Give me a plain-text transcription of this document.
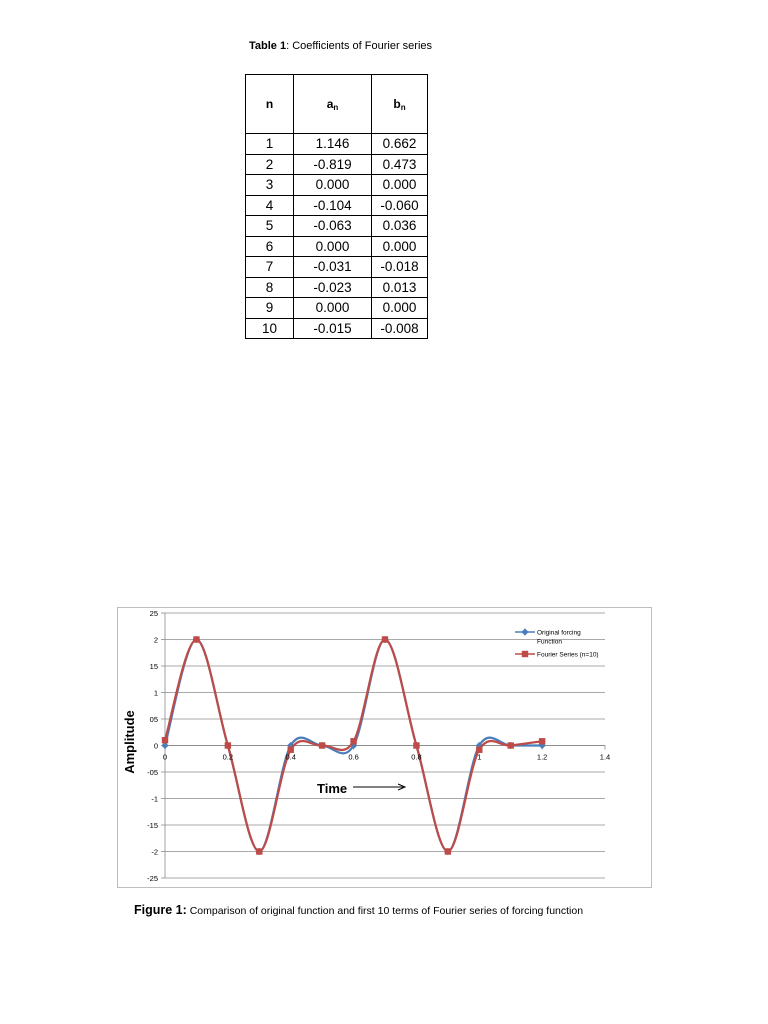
Table 1: Coefficients of Fourier series
n	$a_n$	$b_n$
1	1.146	0.662
2	-0.819	0.473
3	0.000	0.000
4	-0.104	-0.060
5	-0.063	0.036
6	0.000	0.000
7	-0.031	-0.018
8	-0.023	0.013
9	0.000	0.000
10	-0.015	-0.008
0	0.2	0.4	0.6	0.8	1	1.2	1.4
25
2
15
1
05
0
-05
-1
-15
-2
-25
Amplitude
Time
Original forcing Function
Fourier Series (n=10)
Figure 1: Comparison of original function and first 10 terms of Fourier series of forcing function
